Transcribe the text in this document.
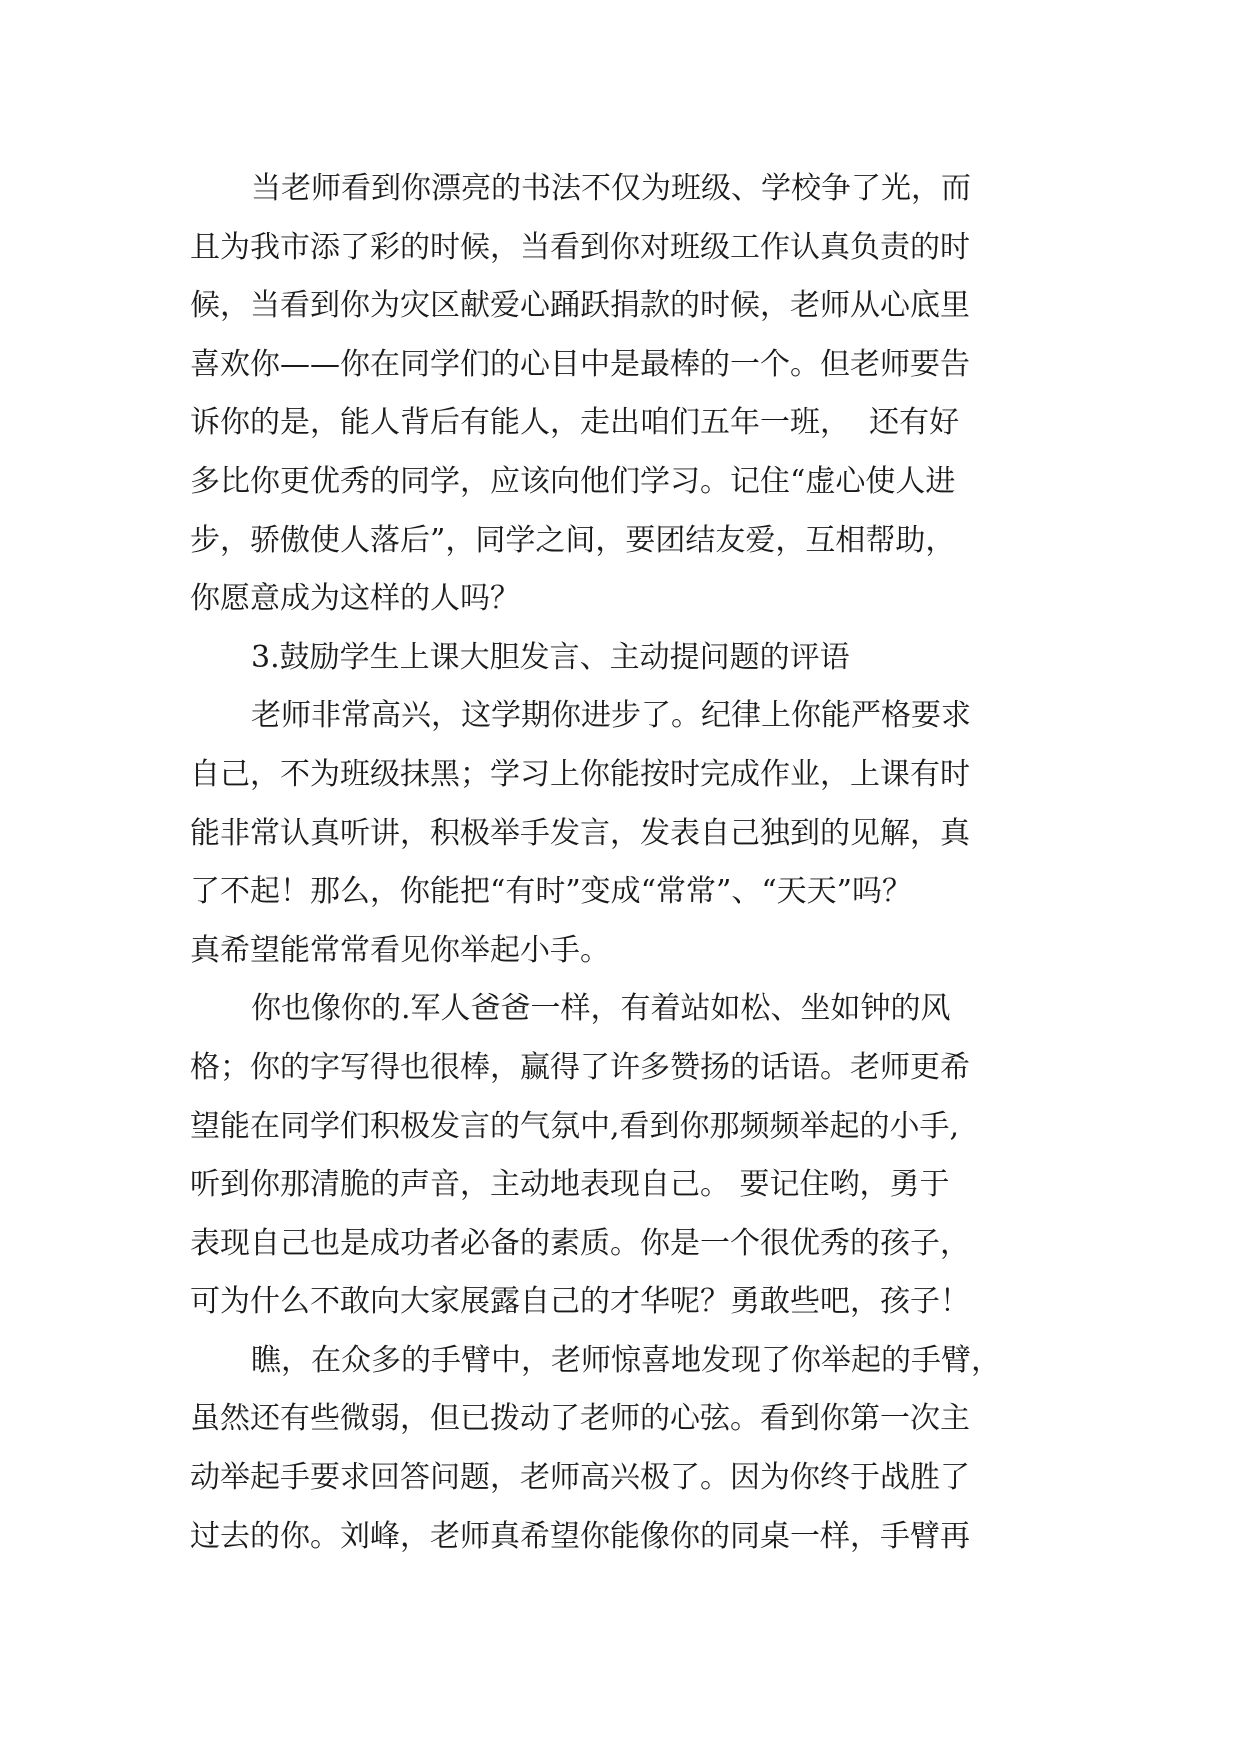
当老师看到你漂亮的书法不仅为班级、学校争了光，而
且为我市添了彩的时候，当看到你对班级工作认真负责的时
候，当看到你为灾区献爱心踊跃捐款的时候，老师从心底里
喜欢你——你在同学们的心目中是最棒的一个。但老师要告
诉你的是，能人背后有能人，走出咱们五年一班，  还有好
多比你更优秀的同学，应该向他们学习。记住“虚心使人进
步，骄傲使人落后”，同学之间，要团结友爱，互相帮助，
你愿意成为这样的人吗？
3.鼓励学生上课大胆发言、主动提问题的评语
老师非常高兴，这学期你进步了。纪律上你能严格要求
自己，不为班级抹黑；学习上你能按时完成作业，上课有时
能非常认真听讲，积极举手发言，发表自己独到的见解，真
了不起！那么，你能把“有时”变成“常常”、“天天”吗？
真希望能常常看见你举起小手。
你也像你的.军人爸爸一样，有着站如松、坐如钟的风
格；你的字写得也很棒，赢得了许多赞扬的话语。老师更希
望能在同学们积极发言的气氛中,看到你那频频举起的小手,
听到你那清脆的声音，主动地表现自己。 要记住哟，勇于
表现自己也是成功者必备的素质。你是一个很优秀的孩子，
可为什么不敢向大家展露自己的才华呢？勇敢些吧，孩子！
瞧，在众多的手臂中，老师惊喜地发现了你举起的手臂，
虽然还有些微弱，但已拨动了老师的心弦。看到你第一次主
动举起手要求回答问题，老师高兴极了。因为你终于战胜了
过去的你。刘峰，老师真希望你能像你的同桌一样，手臂再
